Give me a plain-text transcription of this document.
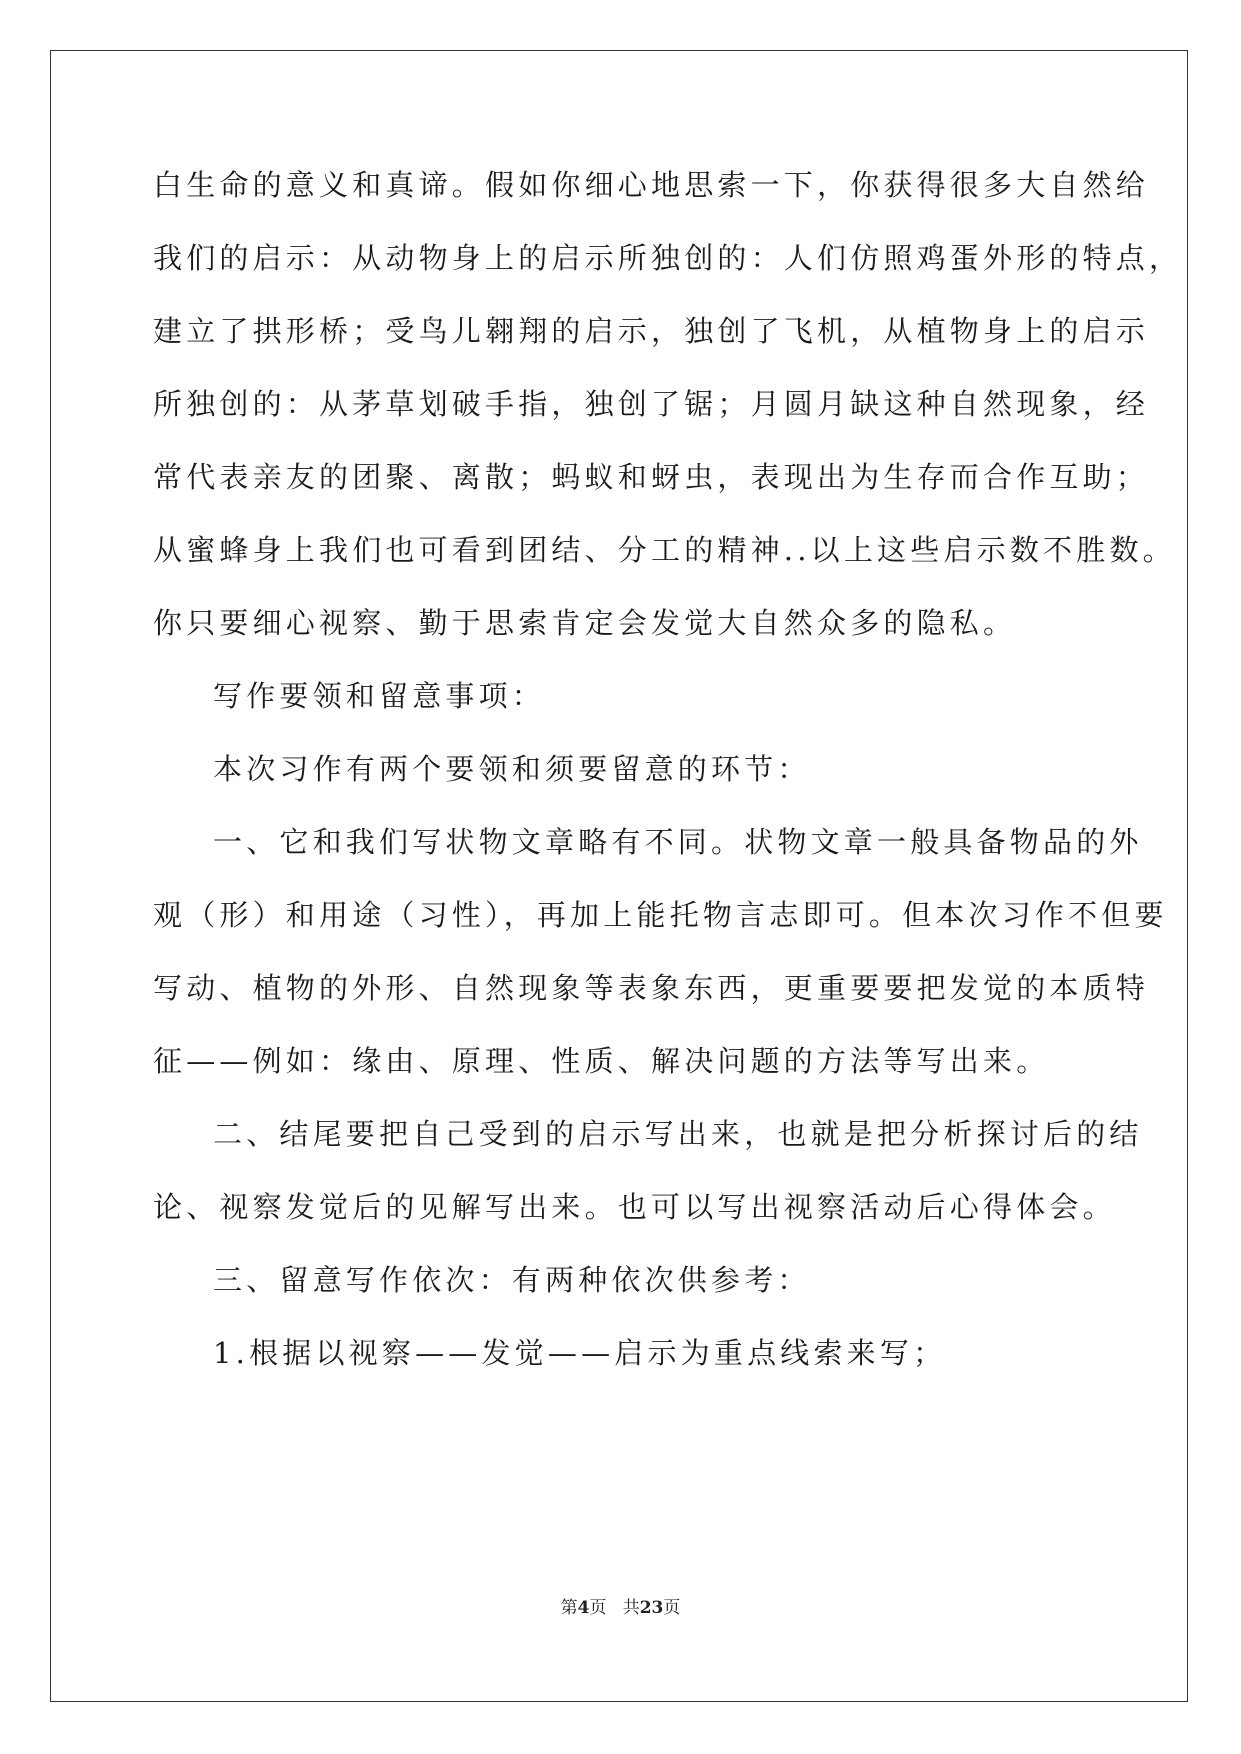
白生命的意义和真谛。假如你细心地思索一下，你获得很多大自然给
我们的启示：从动物身上的启示所独创的：人们仿照鸡蛋外形的特点，
建立了拱形桥；受鸟儿翱翔的启示，独创了飞机，从植物身上的启示
所独创的：从茅草划破手指，独创了锯；月圆月缺这种自然现象，经
常代表亲友的团聚、离散；蚂蚁和蚜虫，表现出为生存而合作互助；
从蜜蜂身上我们也可看到团结、分工的精神..以上这些启示数不胜数。
你只要细心视察、勤于思索肯定会发觉大自然众多的隐私。
写作要领和留意事项：
本次习作有两个要领和须要留意的环节：
一、它和我们写状物文章略有不同。状物文章一般具备物品的外
观（形）和用途（习性），再加上能托物言志即可。但本次习作不但要
写动、植物的外形、自然现象等表象东西，更重要要把发觉的本质特
征——例如：缘由、原理、性质、解决问题的方法等写出来。
二、结尾要把自己受到的启示写出来，也就是把分析探讨后的结
论、视察发觉后的见解写出来。也可以写出视察活动后心得体会。
三、留意写作依次：有两种依次供参考：
1.根据以视察——发觉——启示为重点线索来写；
第4页 共23页
